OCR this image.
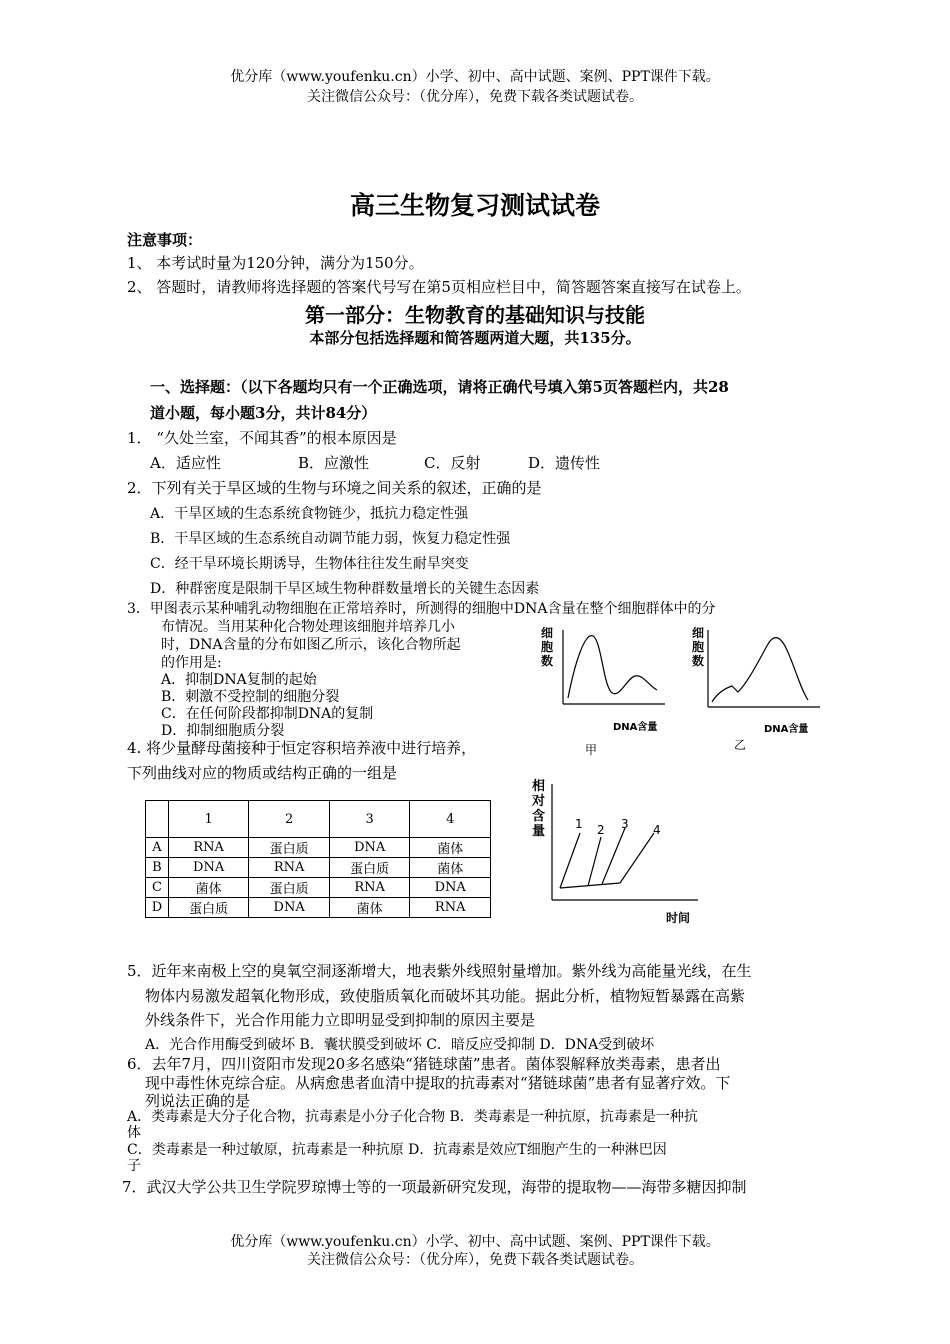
优分库（www.youfenku.cn）小学、初中、高中试题、案例、PPT课件下载。
关注微信公众号：（优分库），免费下载各类试题试卷。
高三生物复习测试试卷
注意事项：
1、 本考试时量为120分钟，满分为150分。
2、 答题时，请教师将选择题的答案代号写在第5页相应栏目中，简答题答案直接写在试卷上。
第一部分：生物教育的基础知识与技能
本部分包括选择题和简答题两道大题，共135分。
一、选择题：（以下各题均只有一个正确选项，请将正确代号填入第5页答题栏内，共28
道小题，每小题3分，共计84分）
1． “久处兰室，不闻其香”的根本原因是
A．适应性	B．应激性	C．反射	D．遗传性
2．下列有关于旱区域的生物与环境之间关系的叙述，正确的是
A．干旱区域的生态系统食物链少，抵抗力稳定性强
B．干旱区域的生态系统自动调节能力弱，恢复力稳定性强
C．经干旱环境长期诱导，生物体往往发生耐旱突变
D．种群密度是限制干旱区域生物种群数量增长的关键生态因素
3．甲图表示某种哺乳动物细胞在正常培养时，所测得的细胞中DNA含量在整个细胞群体中的分
布情况。当用某种化合物处理该细胞并培养几小
时，DNA含量的分布如图乙所示，该化合物所起
的作用是:
A．抑制DNA复制的起始
B．刺激不受控制的细胞分裂
C．在任何阶段都抑制DNA的复制
D．抑制细胞质分裂
细
胞
数
DNA含量
甲
细
胞
数
DNA含量
乙
4. 将少量酵母菌接种于恒定容积培养液中进行培养，
下列曲线对应的物质或结构正确的一组是
	1	2	3	4
A	RNA	蛋白质	DNA	菌体
B	DNA	RNA	蛋白质	菌体
C	菌体	蛋白质	RNA	DNA
D	蛋白质	DNA	菌体	RNA
相
对
含
量 1 2 3 4
时间
5．近年来南极上空的臭氧空洞逐渐增大，地表紫外线照射量增加。紫外线为高能量光线，在生
物体内易激发超氧化物形成，致使脂质氧化而破坏其功能。据此分析，植物短暂暴露在高紫
外线条件下，光合作用能力立即明显受到抑制的原因主要是
A．光合作用酶受到破坏 B．囊状膜受到破坏 C．暗反应受抑制 D．DNA受到破坏
6．去年7月，四川资阳市发现20多名感染“猪链球菌”患者。菌体裂解释放类毒素，患者出
现中毒性休克综合症。从病愈患者血清中提取的抗毒素对“猪链球菌”患者有显著疗效。下
列说法正确的是
A．类毒素是大分子化合物，抗毒素是小分子化合物 B．类毒素是一种抗原，抗毒素是一种抗
体
C．类毒素是一种过敏原，抗毒素是一种抗原 D．抗毒素是效应T细胞产生的一种淋巴因
子
7．武汉大学公共卫生学院罗琼博士等的一项最新研究发现，海带的提取物——海带多糖因抑制
优分库（www.youfenku.cn）小学、初中、高中试题、案例、PPT课件下载。
关注微信公众号：（优分库），免费下载各类试题试卷。
